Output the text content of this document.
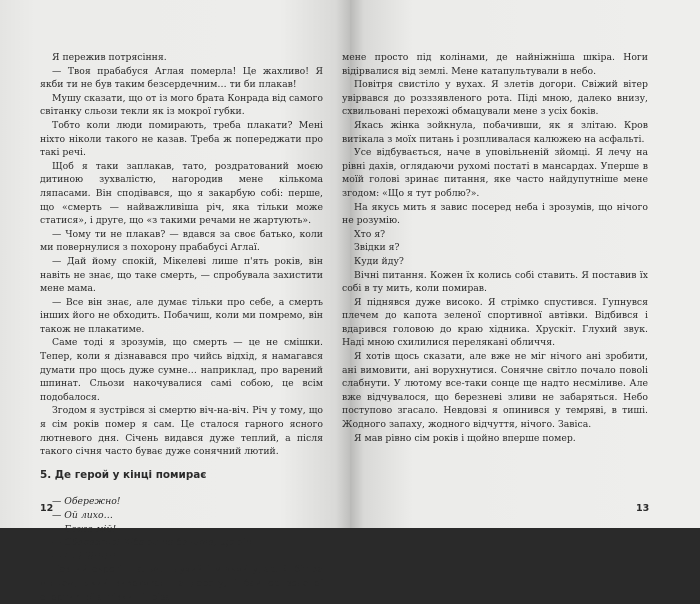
Я пережив потрясіння.

— Твоя прабабуся Аглая померла! Це жахливо! Я якби ти не був таким безсердечним… ти би плакав!

Мушу сказати, що от із мого брата Конрада від самого світанку сльози текли як із мокрої губки.

Тобто коли люди помирають, треба плакати? Мені ніхто ніколи такого не казав. Треба ж попереджати про такі речі.

Щоб я таки заплакав, тато, роздратований моєю дитиною зухвалістю, нагородив мене кількома ляпасами. Він сподівався, що я закарбую собі: перше, що «смерть — найважливіша річ, яка тільки може статися», і друге, що «з такими речами не жартують».

— Чому ти не плакав? — вдався за своє батько, коли ми повернулися з похорону прабабусі Аглаї.

— Дай йому спокій, Мікелеві лише п'ять років, він навіть не знає, що таке смерть, — спробувала захистити мене мама.

— Все він знає, але думає тільки про себе, а смерть інших його не обходить. Побачиш, коли ми помремо, він також не плакатиме.

Саме тоді я зрозумів, що смерть — це не смішки. Тепер, коли я дізнавався про чийсь відхід, я намагався думати про щось дуже сумне… наприклад, про варений шпинат. Сльози накочувалися самі собою, це всім подобалося.

Згодом я зустрівся зі смертю віч-на-віч. Річ у тому, що я сім років помер я сам. Це сталося гарного ясного лютневого дня. Січень видався дуже теплий, а після такого січня часто буває дуже сонячний лютий.

5. Де герой у кінці помирає

— Обережно!

— Ой лихо…

— Боже мій!

— Обережно! Хіба ви не бачите, що він…

— Ні-і-ііі!!!!!!

Довгий скрегіт гальм. Глухий і м'який удар. Я біг за м'ячем, який викотився на дорогу, і бампер зеленої спортивної автівки підрізав

12

мене просто під колінами, де найніжніша шкіра. Ноги відірвалися від землі. Мене катапультували в небо.

Повітря свистіло у вухах. Я злетів догори. Свіжий вітер увірвався до розззявленого рота. Піді мною, далеко внизу, схвильовані перехожі обмацували мене з усіх боків.

Якась жінка зойкнула, побачивши, як я злітаю. Кров витікала з моїх питань і розпливалася калюжею на асфальті.

Усе відбувається, наче в уповільненій зйомці. Я лечу на рівні дахів, оглядаючи рухомі постаті в мансардах. Уперше в моїй голові зринає питання, яке часто найдупутніше мене згодом: «Що я тут роблю?».

На якусь мить я завис посеред неба і зрозумів, що нічого не розумію.

Хто я?

Звідки я?

Куди йду?

Вічні питання. Кожен їх колись собі ставить. Я поставив їх собі в ту мить, коли помирав.

Я піднявся дуже високо. Я стрімко спустився. Гупнувся плечем до капота зеленої спортивної автівки. Відбився і вдарився головою до краю хідника. Хрускіт. Глухий звук. Наді мною схилилися перелякані обличчя.

Я хотів щось сказати, але вже не міг нічого ані зробити, ані вимовити, ані ворухнутися. Сонячне світло почало повolі слабнути. У лютому все-таки сонце ще надто несміливе. Але вже відчувалося, що березневі зливи не забаряться. Небо поступово згасало. Невдовзі я опинився у темряві, в тиші. Жодного запаху, жодного відчуття, нічого. Завіса.

Я мав рівно сім років і щойно вперше помер.

13
